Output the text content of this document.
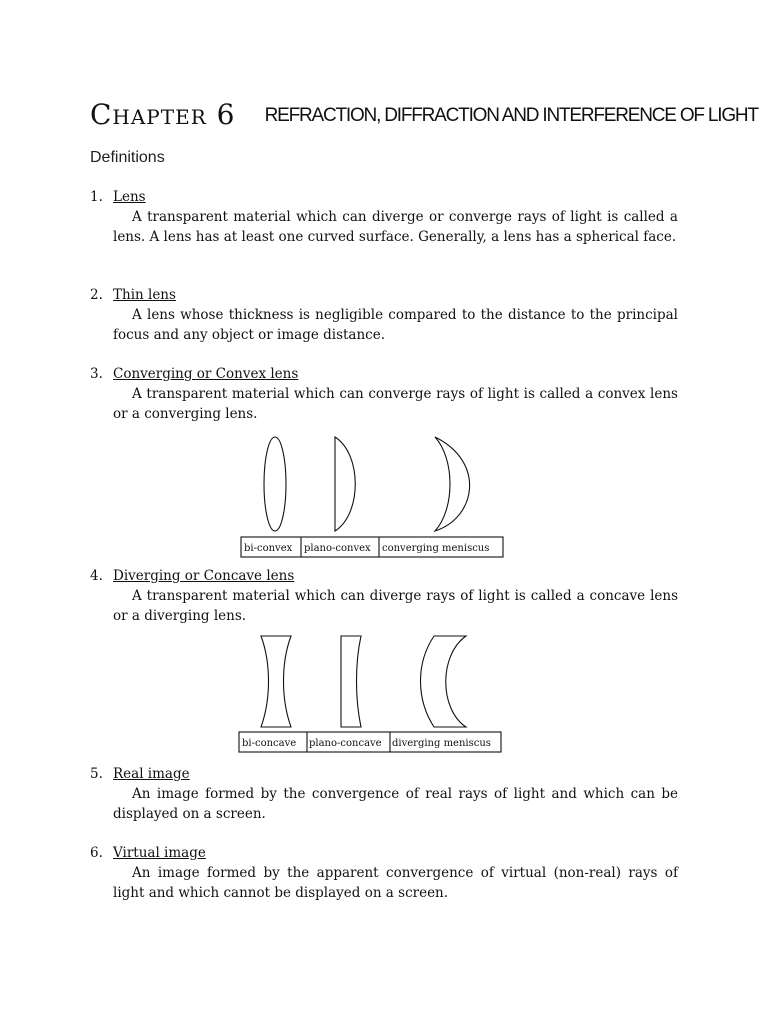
Chapter 6 REFRACTION, DIFFRACTION AND INTERFERENCE OF LIGHT
Definitions
1. Lens
A transparent material which can diverge or converge rays of light is called a lens. A lens has at least one curved surface. Generally, a lens has a spherical face.
2. Thin lens
A lens whose thickness is negligible compared to the distance to the principal focus and any object or image distance.
3. Converging or Convex lens
A transparent material which can converge rays of light is called a convex lens or a converging lens.
bi-convex plano-convex converging meniscus
4. Diverging or Concave lens
A transparent material which can diverge rays of light is called a concave lens or a diverging lens.
bi-concave plano-concave diverging meniscus
5. Real image
An image formed by the convergence of real rays of light and which can be displayed on a screen.
6. Virtual image
An image formed by the apparent convergence of virtual (non-real) rays of light and which cannot be displayed on a screen.
